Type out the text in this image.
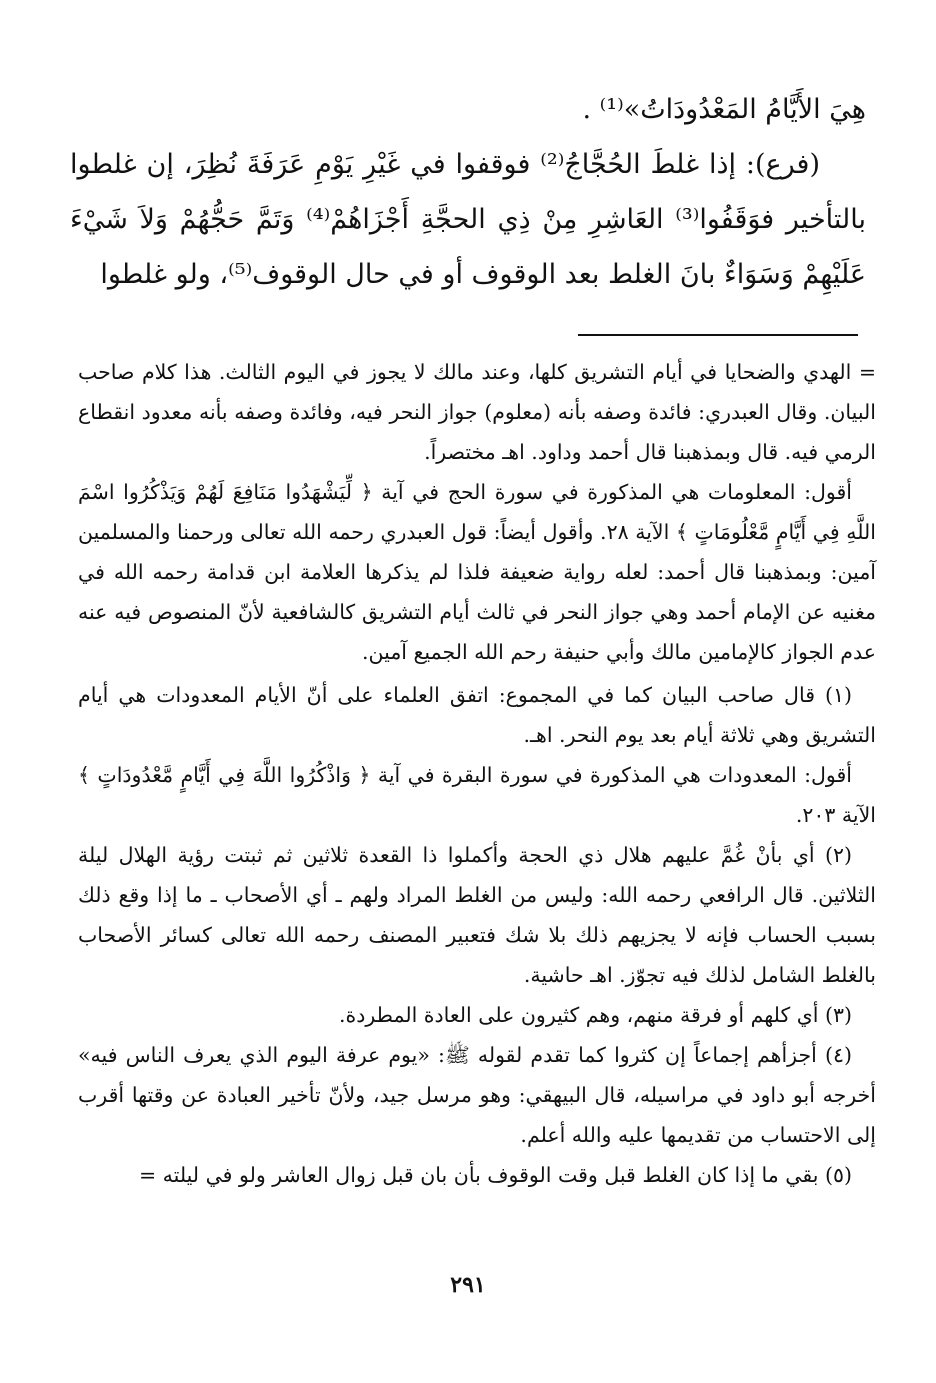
هِيَ الأَيَّامُ المَعْدُودَاتُ»⁽¹⁾ .

(فرع): إذا غلطَ الحُجَّاجُ⁽²⁾ فوقفوا في غَيْرِ يَوْمِ عَرَفَةَ نُظِرَ، إن غلطوا بالتأخير فوَقَفُوا⁽³⁾ العَاشِرِ مِنْ ذِي الحجَّةِ أَجْزَاهُمْ⁽⁴⁾ وَتَمَّ حَجُّهُمْ وَلاَ شَيْءَ عَلَيْهِمْ وَسَوَاءٌ بانَ الغلط بعد الوقوف أو في حال الوقوف⁽⁵⁾، ولو غلطوا

= الهدي والضحايا في أيام التشريق كلها، وعند مالك لا يجوز في اليوم الثالث. هذا كلام صاحب البيان. وقال العبدري: فائدة وصفه بأنه (معلوم) جواز النحر فيه، وفائدة وصفه بأنه معدود انقطاع الرمي فيه. قال وبمذهبنا قال أحمد وداود. اهـ مختصراً.

أقول: المعلومات هي المذكورة في سورة الحج في آية ﴿ لِّيَشْهَدُوا مَنَافِعَ لَهُمْ وَيَذْكُرُوا اسْمَ اللَّهِ فِي أَيَّامٍ مَّعْلُومَاتٍ ﴾ الآية ٢٨. وأقول أيضاً: قول العبدري رحمه الله تعالى ورحمنا والمسلمين آمين: وبمذهبنا قال أحمد: لعله رواية ضعيفة فلذا لم يذكرها العلامة ابن قدامة رحمه الله في مغنيه عن الإمام أحمد وهي جواز النحر في ثالث أيام التشريق كالشافعية لأنّ المنصوص فيه عنه عدم الجواز كالإمامين مالك وأبي حنيفة رحم الله الجميع آمين.

(١) قال صاحب البيان كما في المجموع: اتفق العلماء على أنّ الأيام المعدودات هي أيام التشريق وهي ثلاثة أيام بعد يوم النحر. اهـ.

أقول: المعدودات هي المذكورة في سورة البقرة في آية ﴿ وَاذْكُرُوا اللَّهَ فِي أَيَّامٍ مَّعْدُودَاتٍ ﴾ الآية ٢٠٣.

(٢) أي بأنْ غُمَّ عليهم هلال ذي الحجة وأكملوا ذا القعدة ثلاثين ثم ثبتت رؤية الهلال ليلة الثلاثين. قال الرافعي رحمه الله: وليس من الغلط المراد ولهم ـ أي الأصحاب ـ ما إذا وقع ذلك بسبب الحساب فإنه لا يجزيهم ذلك بلا شك فتعبير المصنف رحمه الله تعالى كسائر الأصحاب بالغلط الشامل لذلك فيه تجوّز. اهـ حاشية.

(٣) أي كلهم أو فرقة منهم، وهم كثيرون على العادة المطردة.

(٤) أجزأهم إجماعاً إن كثروا كما تقدم لقوله ﷺ: «يوم عرفة اليوم الذي يعرف الناس فيه» أخرجه أبو داود في مراسيله، قال البيهقي: وهو مرسل جيد، ولأنّ تأخير العبادة عن وقتها أقرب إلى الاحتساب من تقديمها عليه والله أعلم.

(٥) بقي ما إذا كان الغلط قبل وقت الوقوف بأن بان قبل زوال العاشر ولو في ليلته =

٢٩١
